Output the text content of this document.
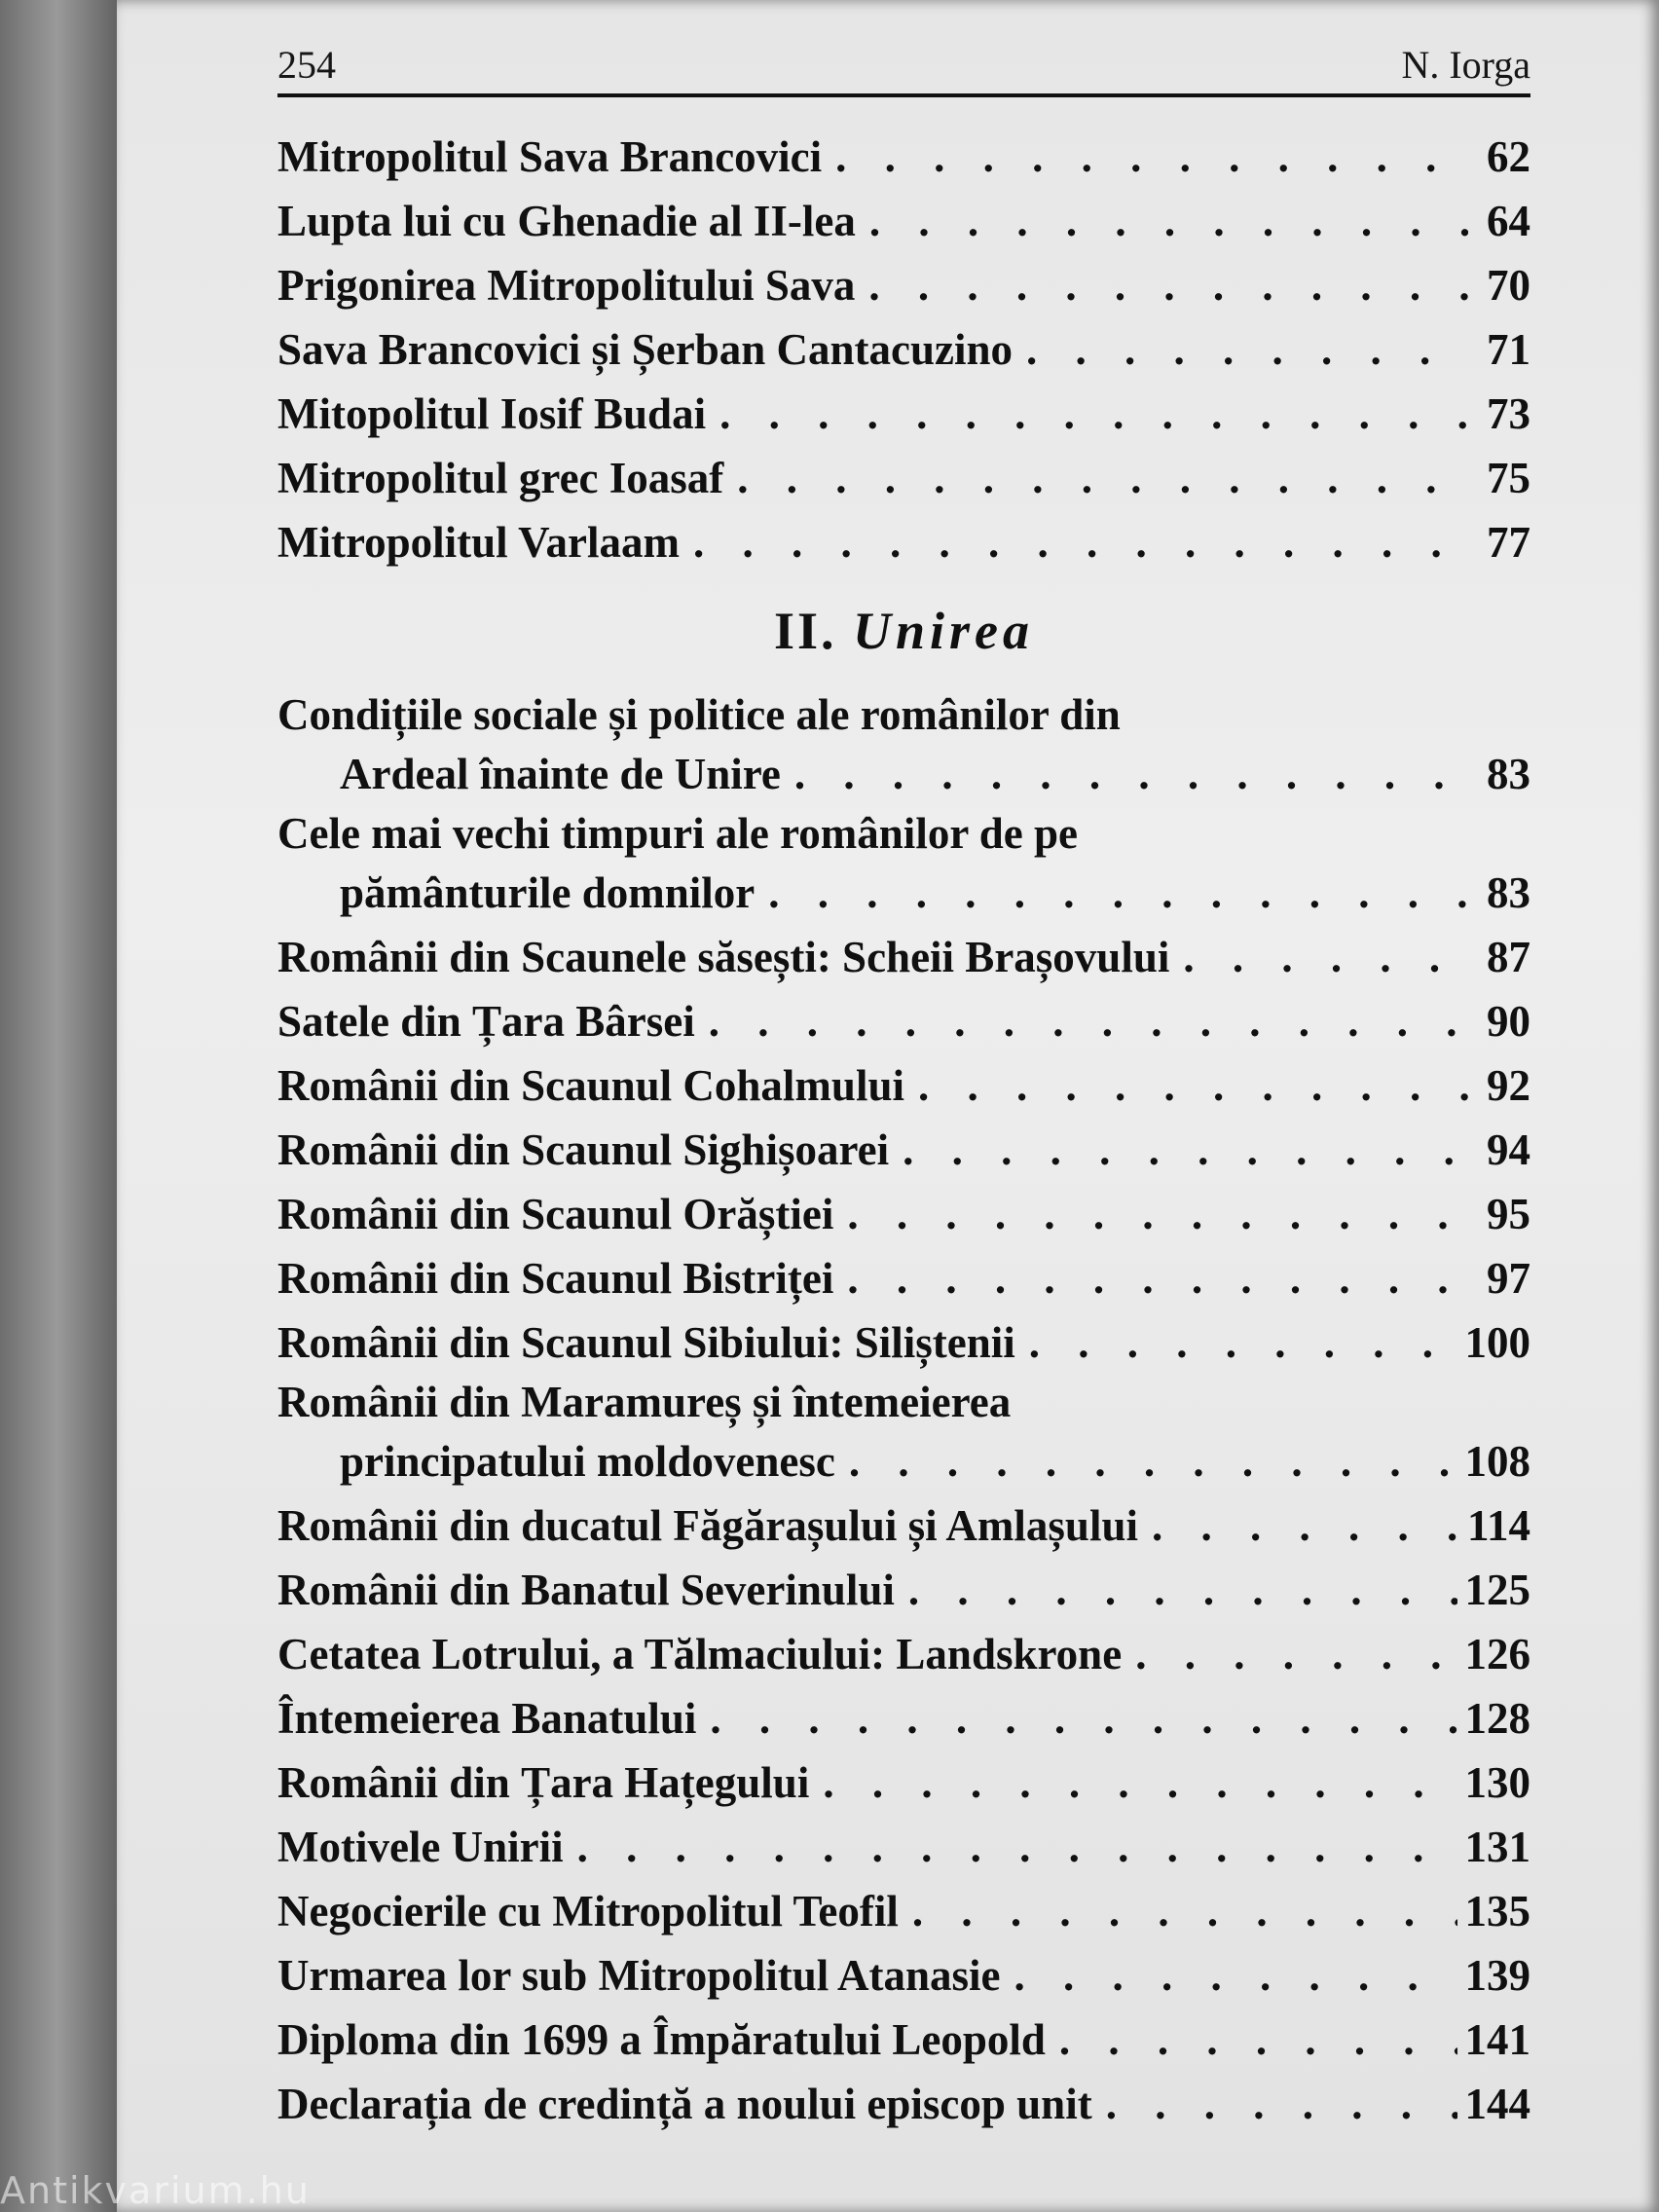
254	N. Iorga
Mitropolitul Sava Brancovici . . .	62
Lupta lui cu Ghenadie al II-lea . . .	64
Prigonirea Mitropolitului Sava . . .	70
Sava Brancovici și Șerban Cantacuzino . . .	71
Mitopolitul Iosif Budai . . .	73
Mitropolitul grec Ioasaf . . .	75
Mitropolitul Varlaam . . .	77
II. Unirea
Condițiile sociale și politice ale românilor din
Ardeal înainte de Unire . . .	83
Cele mai vechi timpuri ale românilor de pe
pământurile domnilor . . .	83
Românii din Scaunele săsești: Scheii Brașovului . . .	87
Satele din Țara Bârsei . . .	90
Românii din Scaunul Cohalmului . . .	92
Românii din Scaunul Sighișoarei . . .	94
Românii din Scaunul Orăștiei . . .	95
Românii din Scaunul Bistriței . . .	97
Românii din Scaunul Sibiului: Siliștenii . . .	100
Românii din Maramureș și întemeierea
principatului moldovenesc . . .	108
Românii din ducatul Făgărașului și Amlașului . . .	114
Românii din Banatul Severinului . . .	125
Cetatea Lotrului, a Tălmaciului: Landskrone . . .	126
Întemeierea Banatului . . .	128
Românii din Țara Hațegului . . .	130
Motivele Unirii . . .	131
Negocierile cu Mitropolitul Teofil . . .	135
Urmarea lor sub Mitropolitul Atanasie . . .	139
Diploma din 1699 a Împăratului Leopold . . .	141
Declarația de credință a noului episcop unit . . .	144
Antikvarium.hu
